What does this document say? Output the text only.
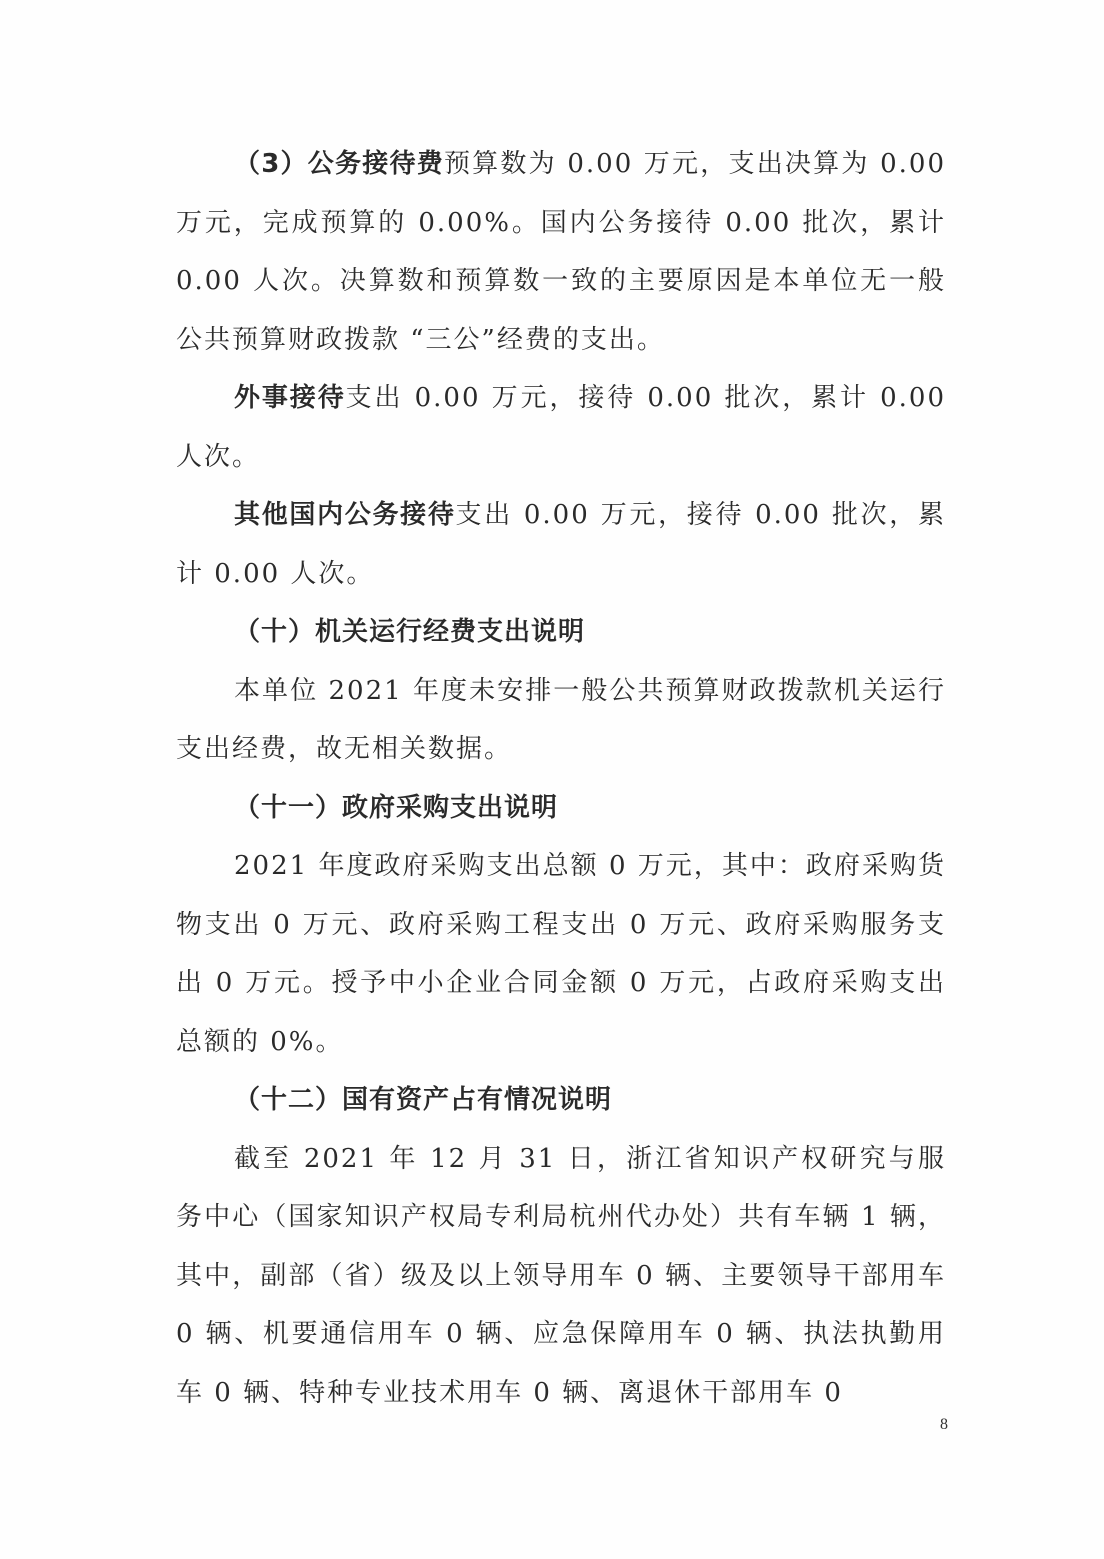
（3）公务接待费预算数为 0.00 万元，支出决算为 0.00 万元，完成预算的 0.00%。国内公务接待 0.00 批次，累计 0.00 人次。决算数和预算数一致的主要原因是本单位无一般公共预算财政拨款 “三公”经费的支出。

外事接待支出 0.00 万元，接待 0.00 批次，累计 0.00 人次。

其他国内公务接待支出 0.00 万元，接待 0.00 批次，累计 0.00 人次。

（十）机关运行经费支出说明

本单位 2021 年度未安排一般公共预算财政拨款机关运行支出经费，故无相关数据。

（十一）政府采购支出说明

2021 年度政府采购支出总额 0 万元，其中：政府采购货物支出 0 万元、政府采购工程支出 0 万元、政府采购服务支出 0 万元。授予中小企业合同金额 0 万元，占政府采购支出总额的 0%。

（十二）国有资产占有情况说明

截至 2021 年 12 月 31 日，浙江省知识产权研究与服务中心（国家知识产权局专利局杭州代办处）共有车辆 1 辆，其中，副部（省）级及以上领导用车 0 辆、主要领导干部用车 0 辆、机要通信用车 0 辆、应急保障用车 0 辆、执法执勤用车 0 辆、特种专业技术用车 0 辆、离退休干部用车 0

8
